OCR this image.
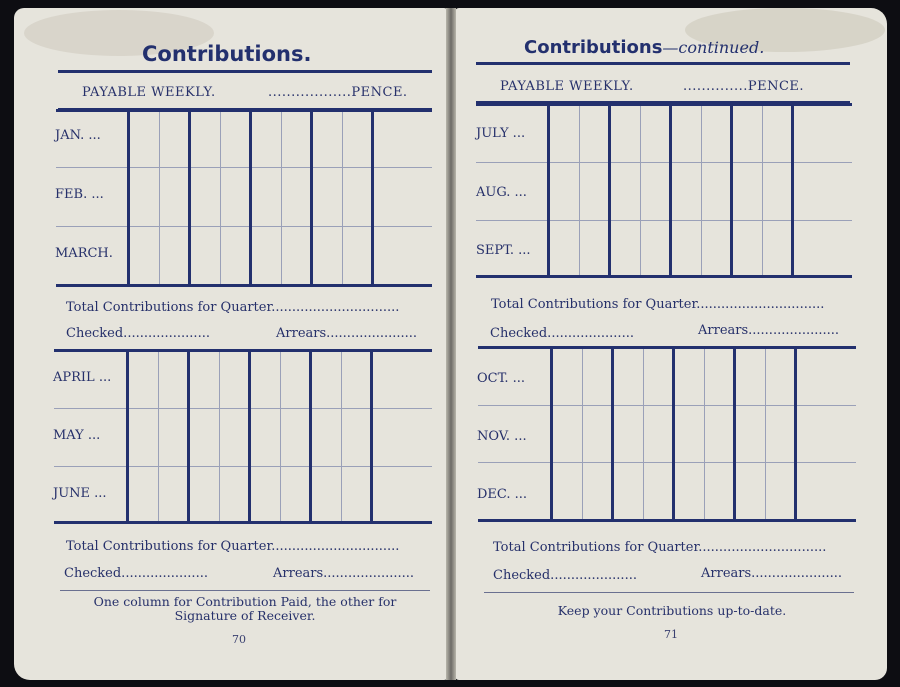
Contributions.
PAYABLE WEEKLY.	..................PENCE.
JAN. ...
FEB. ...
MARCH.
Total Contributions for Quarter...............................
Checked.....................	Arrears......................
APRIL ...
MAY ...
JUNE ...
Total Contributions for Quarter...............................
Checked.....................	Arrears......................
One column for Contribution Paid, the other for
Signature of Receiver.
70
Contributions—continued.
PAYABLE WEEKLY.	..............PENCE.
JULY ...
AUG. ...
SEPT. ...
Total Contributions for Quarter...............................
Checked.....................	Arrears......................
OCT. ...
NOV. ...
DEC. ...
Total Contributions for Quarter...............................
Checked.....................	Arrears......................
Keep your Contributions up-to-date.
71
